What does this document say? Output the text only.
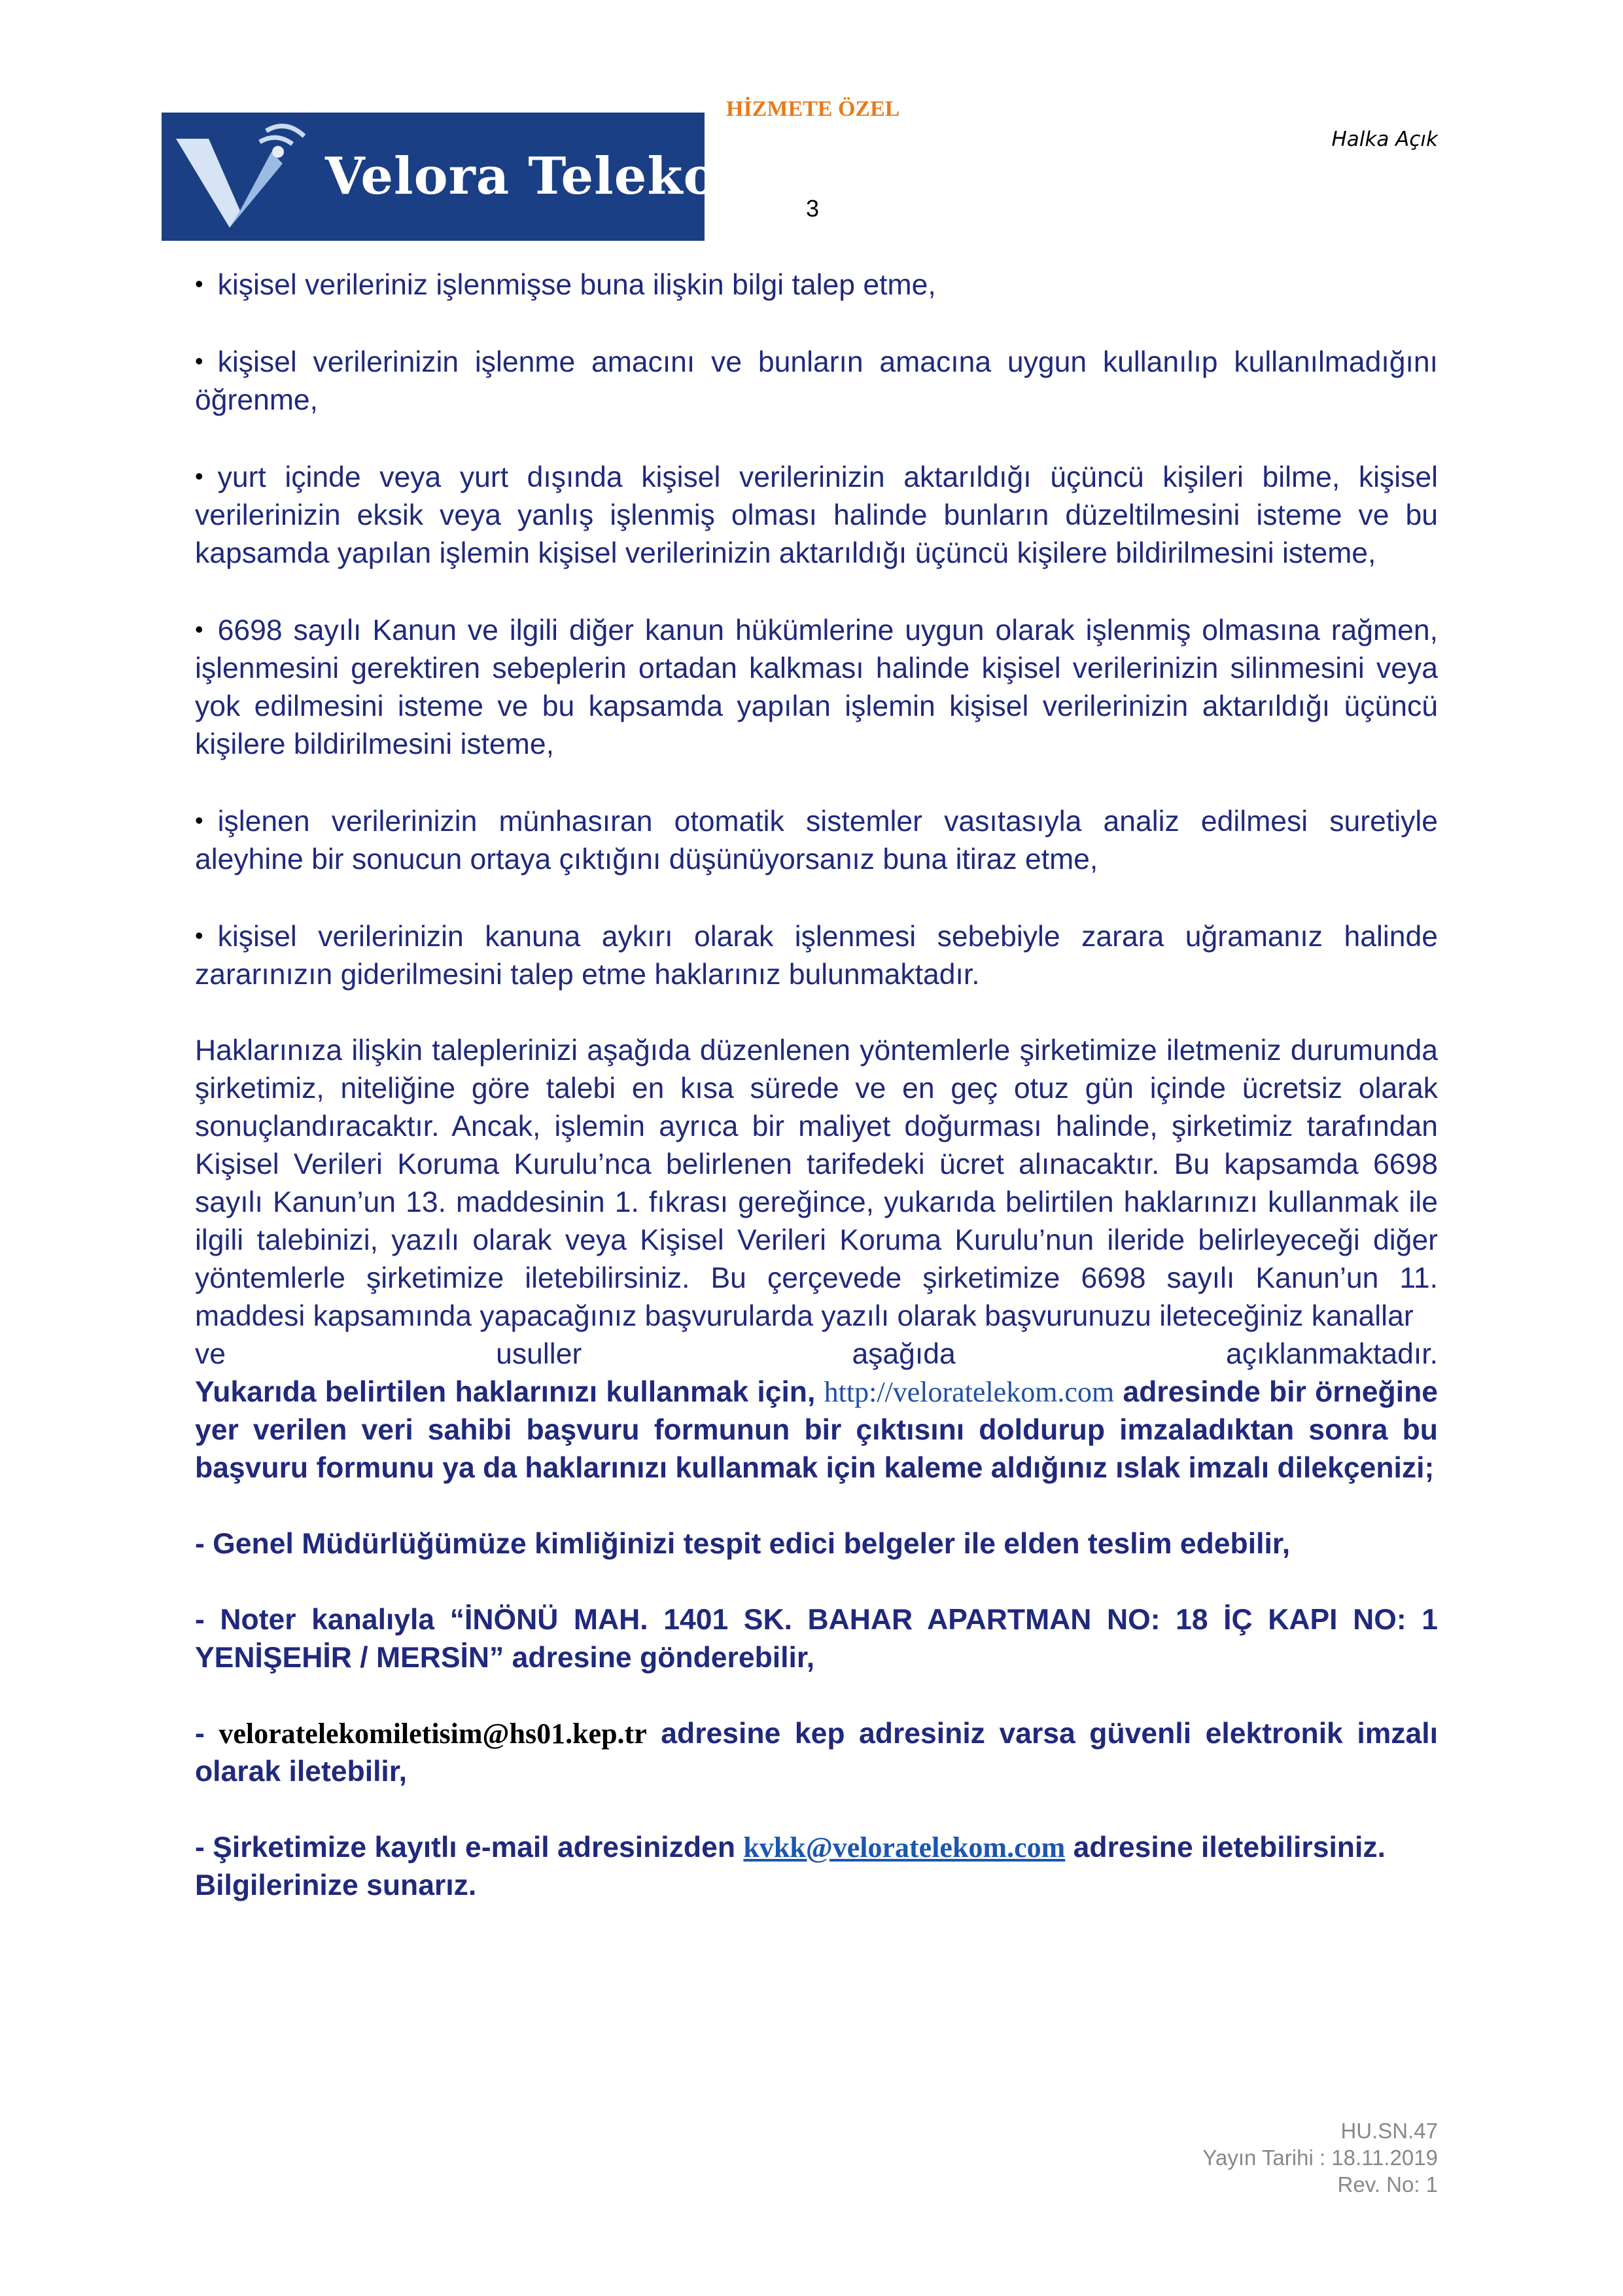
Velora Telekom
HİZMETE ÖZEL
Halka Açık
3

• kişisel verileriniz işlenmişse buna ilişkin bilgi talep etme,

• kişisel verilerinizin işlenme amacını ve bunların amacına uygun kullanılıp kullanılmadığını öğrenme,

• yurt içinde veya yurt dışında kişisel verilerinizin aktarıldığı üçüncü kişileri bilme, kişisel verilerinizin eksik veya yanlış işlenmiş olması halinde bunların düzeltilmesini isteme ve bu kapsamda yapılan işlemin kişisel verilerinizin aktarıldığı üçüncü kişilere bildirilmesini isteme,

• 6698 sayılı Kanun ve ilgili diğer kanun hükümlerine uygun olarak işlenmiş olmasına rağmen, işlenmesini gerektiren sebeplerin ortadan kalkması halinde kişisel verilerinizin silinmesini veya yok edilmesini isteme ve bu kapsamda yapılan işlemin kişisel verilerinizin aktarıldığı üçüncü kişilere bildirilmesini isteme,

• işlenen verilerinizin münhasıran otomatik sistemler vasıtasıyla analiz edilmesi suretiyle aleyhine bir sonucun ortaya çıktığını düşünüyorsanız buna itiraz etme,

• kişisel verilerinizin kanuna aykırı olarak işlenmesi sebebiyle zarara uğramanız halinde zararınızın giderilmesini talep etme haklarınız bulunmaktadır.

Haklarınıza ilişkin taleplerinizi aşağıda düzenlenen yöntemlerle şirketimize iletmeniz durumunda şirketimiz, niteliğine göre talebi en kısa sürede ve en geç otuz gün içinde ücretsiz olarak sonuçlandıracaktır. Ancak, işlemin ayrıca bir maliyet doğurması halinde, şirketimiz tarafından Kişisel Verileri Koruma Kurulu’nca belirlenen tarifedeki ücret alınacaktır. Bu kapsamda 6698 sayılı Kanun’un 13. maddesinin 1. fıkrası gereğince, yukarıda belirtilen haklarınızı kullanmak ile ilgili talebinizi, yazılı olarak veya Kişisel Verileri Koruma Kurulu’nun ileride belirleyeceği diğer yöntemlerle şirketimize iletebilirsiniz. Bu çerçevede şirketimize 6698 sayılı Kanun’un 11. maddesi kapsamında yapacağınız başvurularda yazılı olarak başvurunuzu ileteceğiniz kanallar

ve	usuller	aşağıda	açıklanmaktadır.

Yukarıda belirtilen haklarınızı kullanmak için, http://veloratelekom.com adresinde bir örneğine yer verilen veri sahibi başvuru formunun bir çıktısını doldurup imzaladıktan sonra bu başvuru formunu ya da haklarınızı kullanmak için kaleme aldığınız ıslak imzalı dilekçenizi;

- Genel Müdürlüğümüze kimliğinizi tespit edici belgeler ile elden teslim edebilir,

- Noter kanalıyla “İNÖNÜ MAH. 1401 SK. BAHAR APARTMAN NO: 18 İÇ KAPI NO: 1 YENİŞEHİR / MERSİN” adresine gönderebilir,

- veloratelekomiletisim@hs01.kep.tr adresine kep adresiniz varsa güvenli elektronik imzalı olarak iletebilir,

- Şirketimize kayıtlı e-mail adresinizden kvkk@veloratelekom.com adresine iletebilirsiniz.

Bilgilerinize sunarız.

HU.SN.47
Yayın Tarihi : 18.11.2019
Rev. No: 1
